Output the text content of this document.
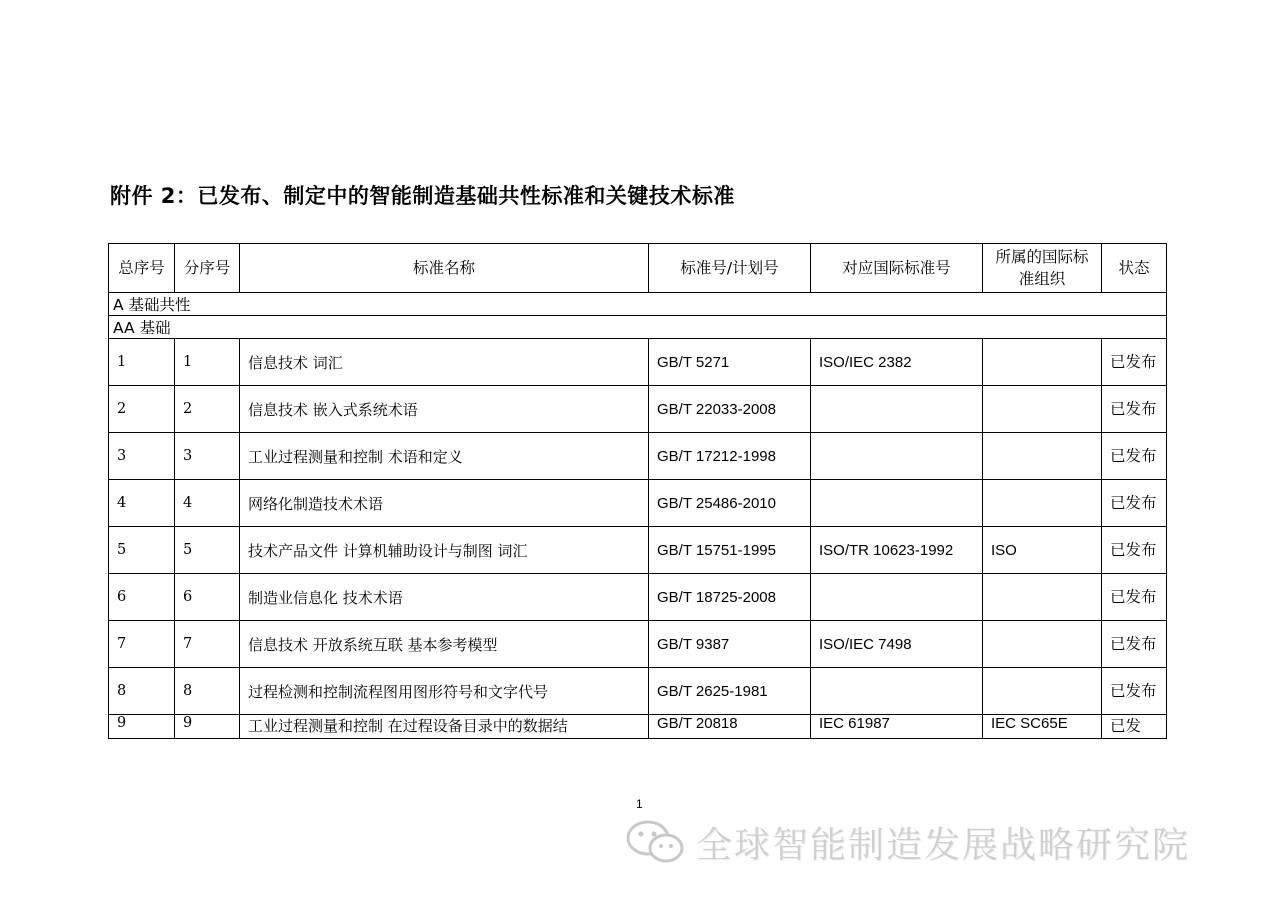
附件 2：已发布、制定中的智能制造基础共性标准和关键技术标准
总序号	分序号	标准名称	标准号/计划号	对应国际标准号	所属的国际标准组织	状态
A 基础共性						
AA 基础						
1	1	信息技术 词汇	GB/T 5271	ISO/IEC 2382		已发布
2	2	信息技术 嵌入式系统术语	GB/T 22033-2008			已发布
3	3	工业过程测量和控制 术语和定义	GB/T 17212-1998			已发布
4	4	网络化制造技术术语	GB/T 25486-2010			已发布
5	5	技术产品文件 计算机辅助设计与制图 词汇	GB/T 15751-1995	ISO/TR 10623-1992	ISO	已发布
6	6	制造业信息化 技术术语	GB/T 18725-2008			已发布
7	7	信息技术 开放系统互联 基本参考模型	GB/T 9387	ISO/IEC 7498		已发布
8	8	过程检测和控制流程图用图形符号和文字代号	GB/T 2625-1981			已发布
9	9	工业过程测量和控制 在过程设备目录中的数据结	GB/T 20818	IEC 61987	IEC SC65E	已发
1
全球智能制造发展战略研究院
